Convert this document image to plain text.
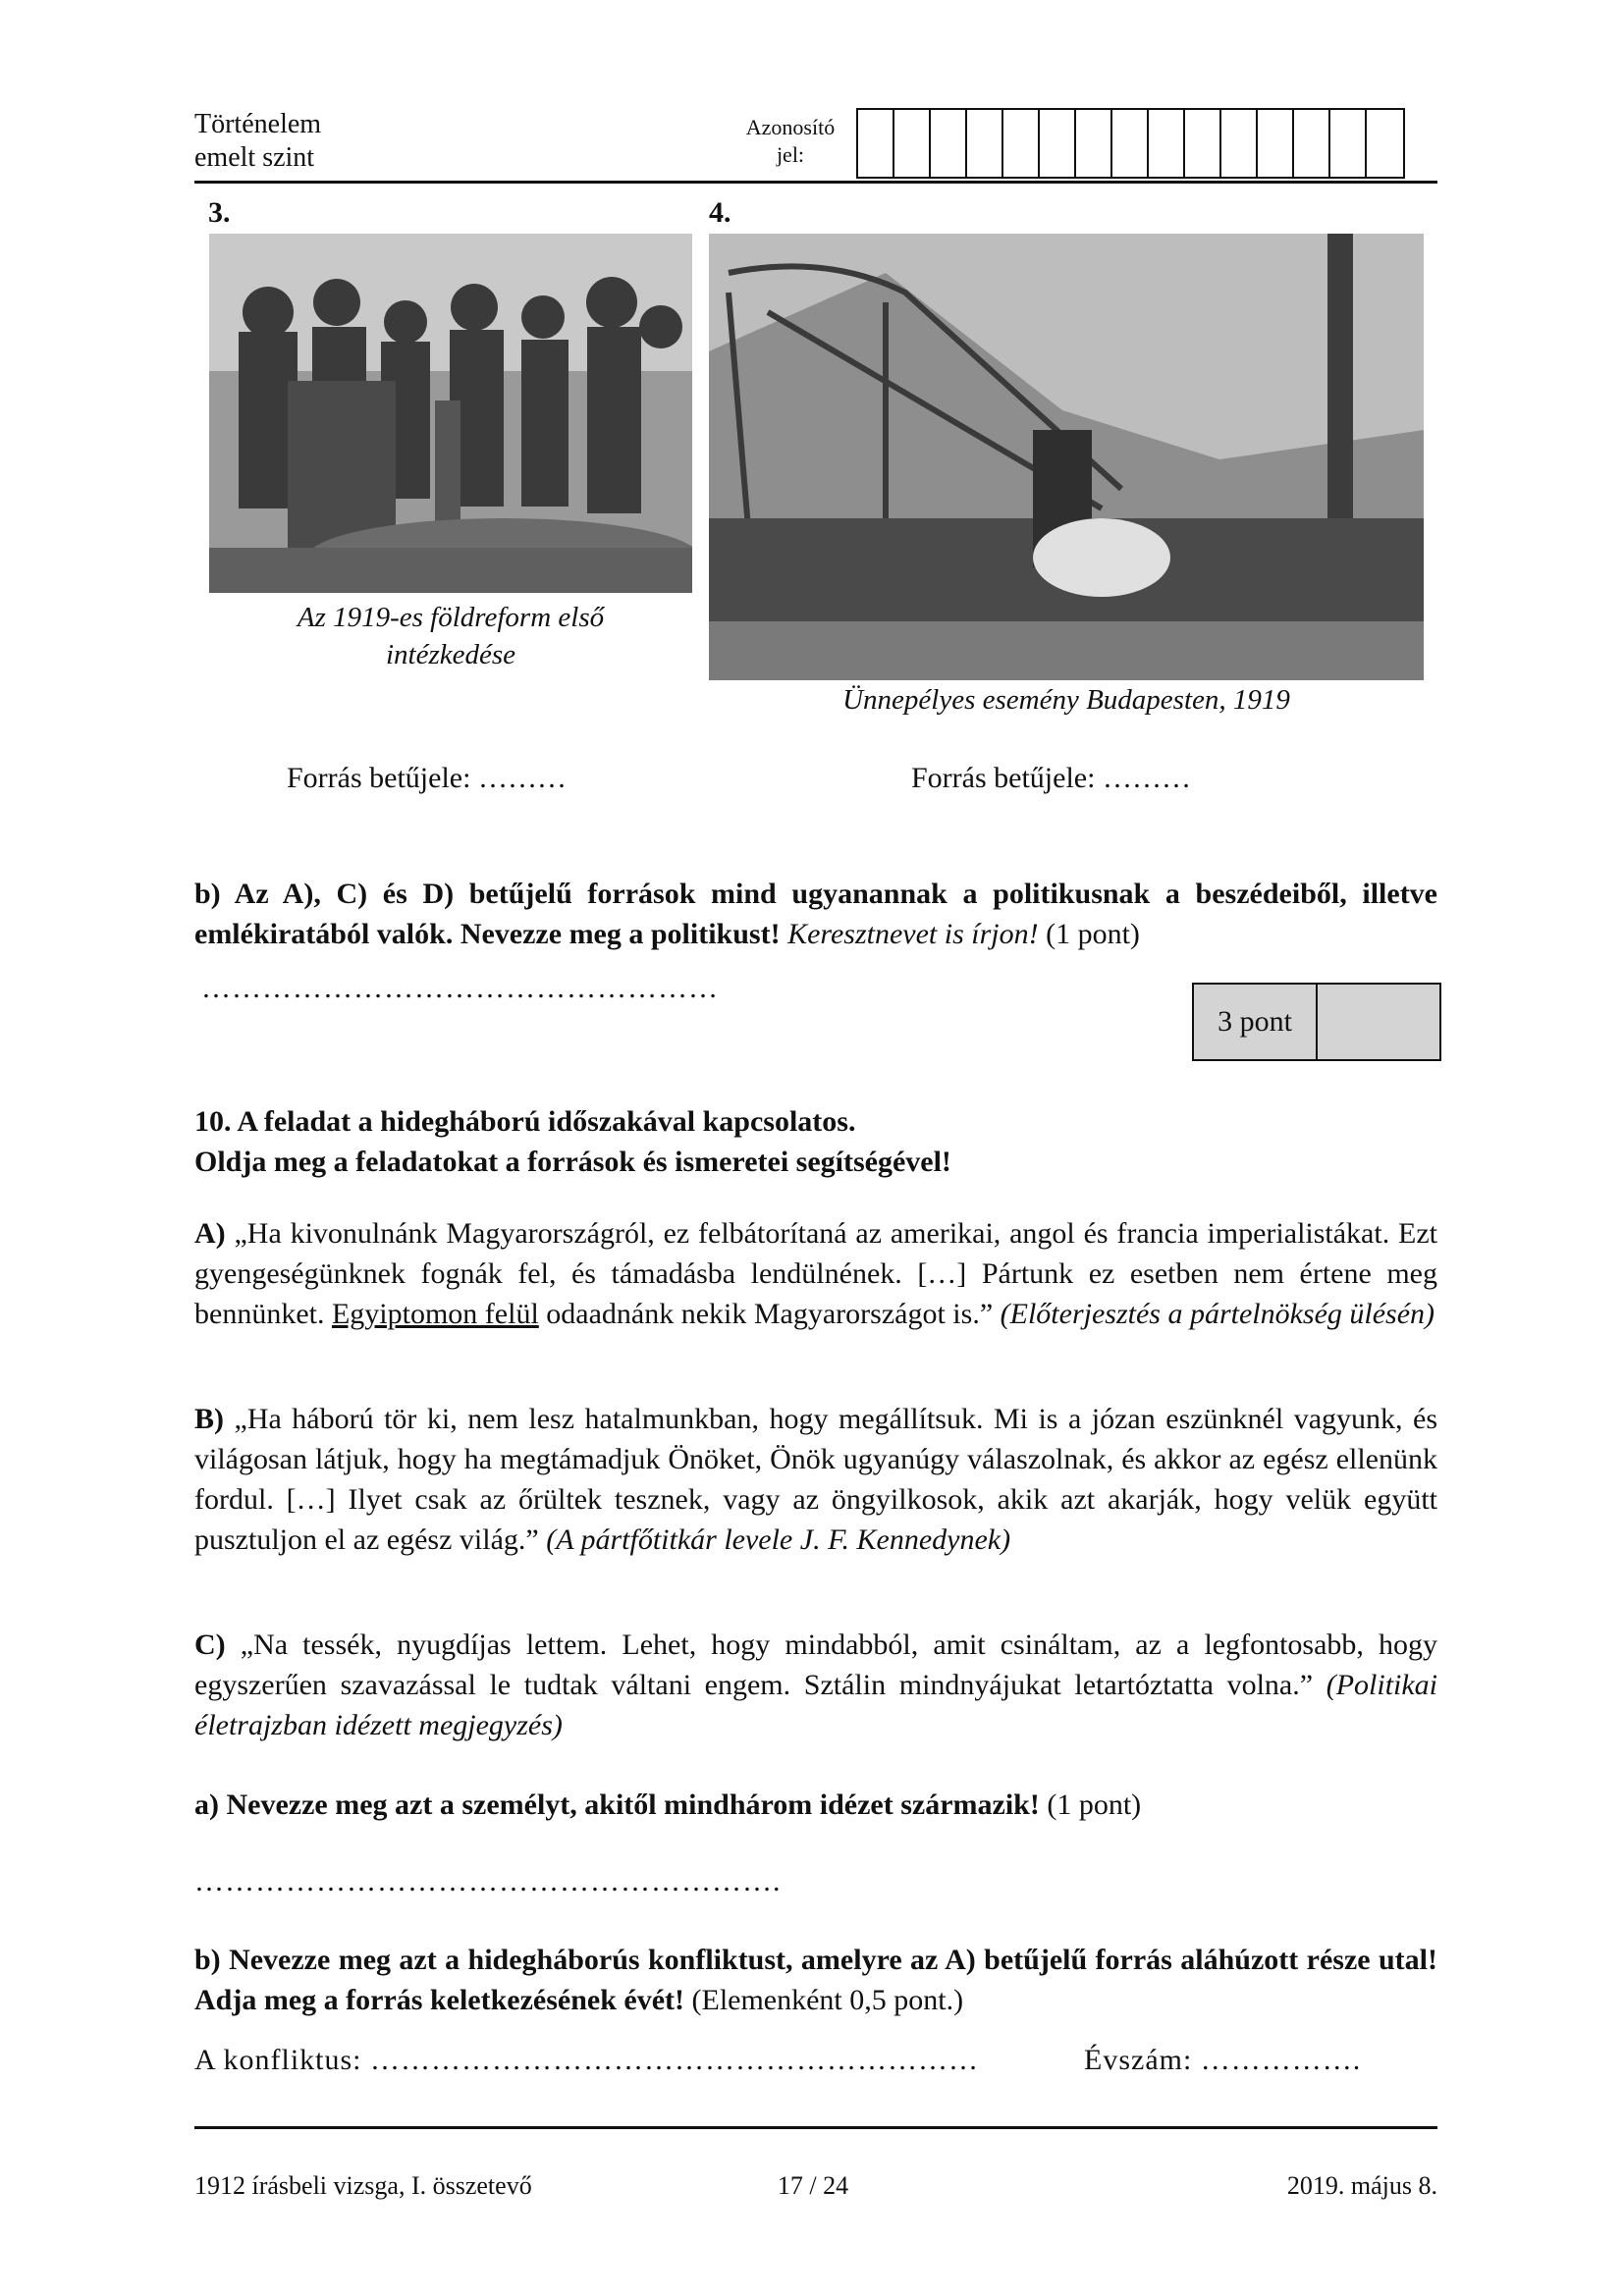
Történelem
emelt szint
Azonosító
jel:
3.
Az 1919-es földreform első
intézkedése
Forrás betűjele: ………
4.
Ünnepélyes esemény Budapesten, 1919
Forrás betűjele: ………
b) Az A), C) és D) betűjelű források mind ugyanannak a politikusnak a beszédeiből, illetve emlékiratából valók. Nevezze meg a politikust! Keresztnevet is írjon! (1 pont)
……………………………………………
3 pont
10. A feladat a hidegháború időszakával kapcsolatos.
Oldja meg a feladatokat a források és ismeretei segítségével!
A) „Ha kivonulnánk Magyarországról, ez felbátorítaná az amerikai, angol és francia imperialistákat. Ezt gyengeségünknek fognák fel, és támadásba lendülnének. […] Pártunk ez esetben nem értene meg bennünket. Egyiptomon felül odaadnánk nekik Magyarországot is.” (Előterjesztés a pártelnökség ülésén)
B) „Ha háború tör ki, nem lesz hatalmunkban, hogy megállítsuk. Mi is a józan eszünknél vagyunk, és világosan látjuk, hogy ha megtámadjuk Önöket, Önök ugyanúgy válaszolnak, és akkor az egész ellenünk fordul. […] Ilyet csak az őrültek tesznek, vagy az öngyilkosok, akik azt akarják, hogy velük együtt pusztuljon el az egész világ.” (A pártfőtitkár levele J. F. Kennedynek)
C) „Na tessék, nyugdíjas lettem. Lehet, hogy mindabból, amit csináltam, az a legfontosabb, hogy egyszerűen szavazással le tudtak váltani engem. Sztálin mindnyájukat letartóztatta volna.” (Politikai életrajzban idézett megjegyzés)
a) Nevezze meg azt a személyt, akitől mindhárom idézet származik! (1 pont)
………………………………………………….
b) Nevezze meg azt a hidegháborús konfliktust, amelyre az A) betűjelű forrás aláhúzott része utal! Adja meg a forrás keletkezésének évét! (Elemenként 0,5 pont.)
A konfliktus: ……………………………………………………	Évszám: …………….
1912 írásbeli vizsga, I. összetevő	17 / 24	2019. május 8.
